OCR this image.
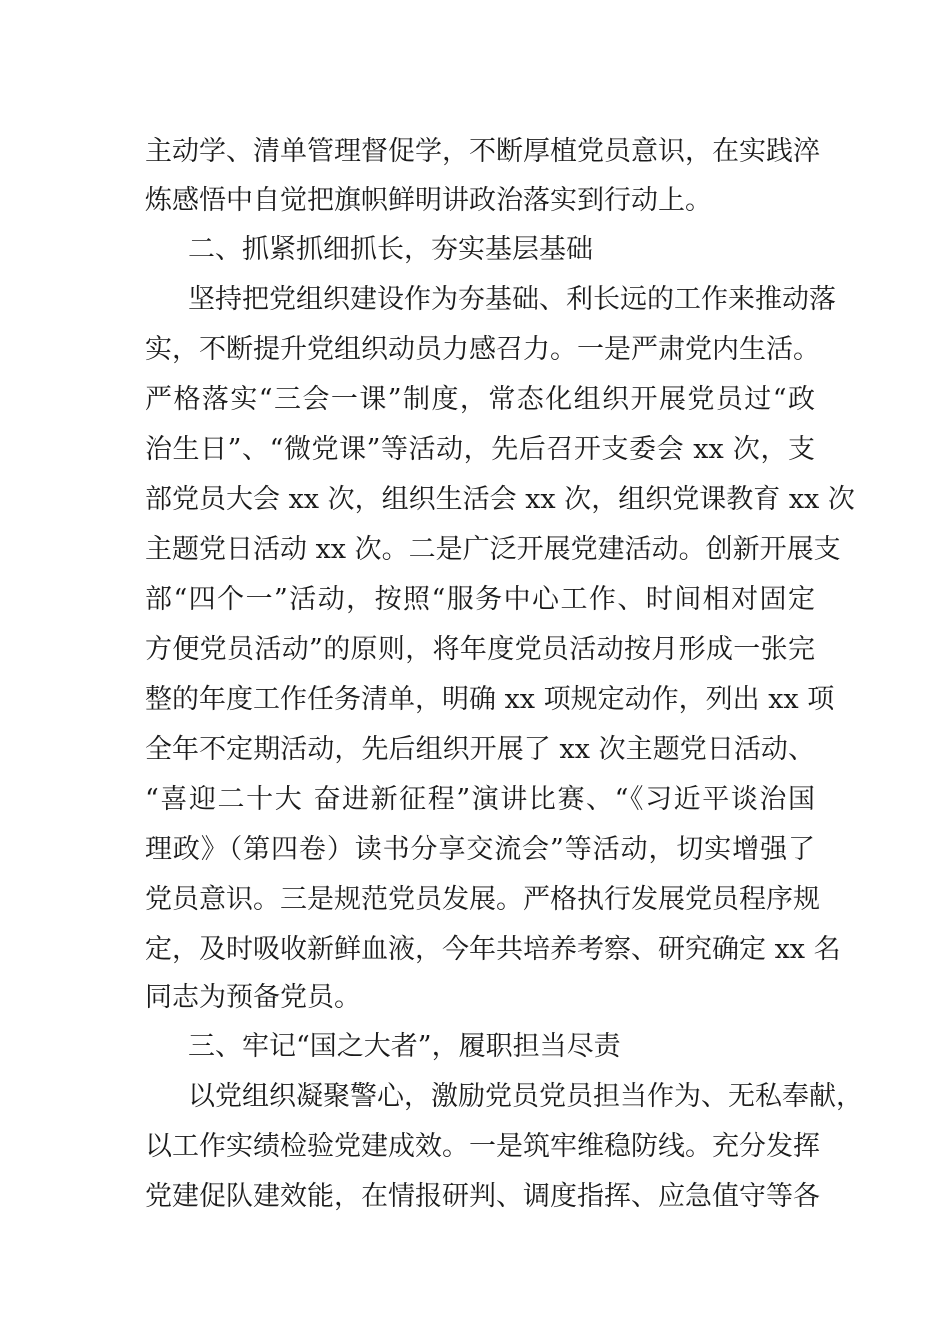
主动学、清单管理督促学，不断厚植党员意识，在实践淬
炼感悟中自觉把旗帜鲜明讲政治落实到行动上。
二、抓紧抓细抓长，夯实基层基础
坚持把党组织建设作为夯基础、利长远的工作来推动落
实，不断提升党组织动员力感召力。一是严肃党内生活。
严格落实“三会一课”制度，常态化组织开展党员过“政
治生日”、“微党课”等活动，先后召开支委会 xx 次，支
部党员大会 xx 次，组织生活会 xx 次，组织党课教育 xx 次
主题党日活动 xx 次。二是广泛开展党建活动。创新开展支
部“四个一”活动，按照“服务中心工作、时间相对固定
方便党员活动”的原则，将年度党员活动按月形成一张完
整的年度工作任务清单，明确 xx 项规定动作，列出 xx 项
全年不定期活动，先后组织开展了 xx 次主题党日活动、
“喜迎二十大 奋进新征程”演讲比赛、“《习近平谈治国
理政》（第四卷）读书分享交流会”等活动，切实增强了
党员意识。三是规范党员发展。严格执行发展党员程序规
定，及时吸收新鲜血液，今年共培养考察、研究确定 xx 名
同志为预备党员。
三、牢记“国之大者”，履职担当尽责
以党组织凝聚警心，激励党员党员担当作为、无私奉献，
以工作实绩检验党建成效。一是筑牢维稳防线。充分发挥
党建促队建效能，在情报研判、调度指挥、应急值守等各
